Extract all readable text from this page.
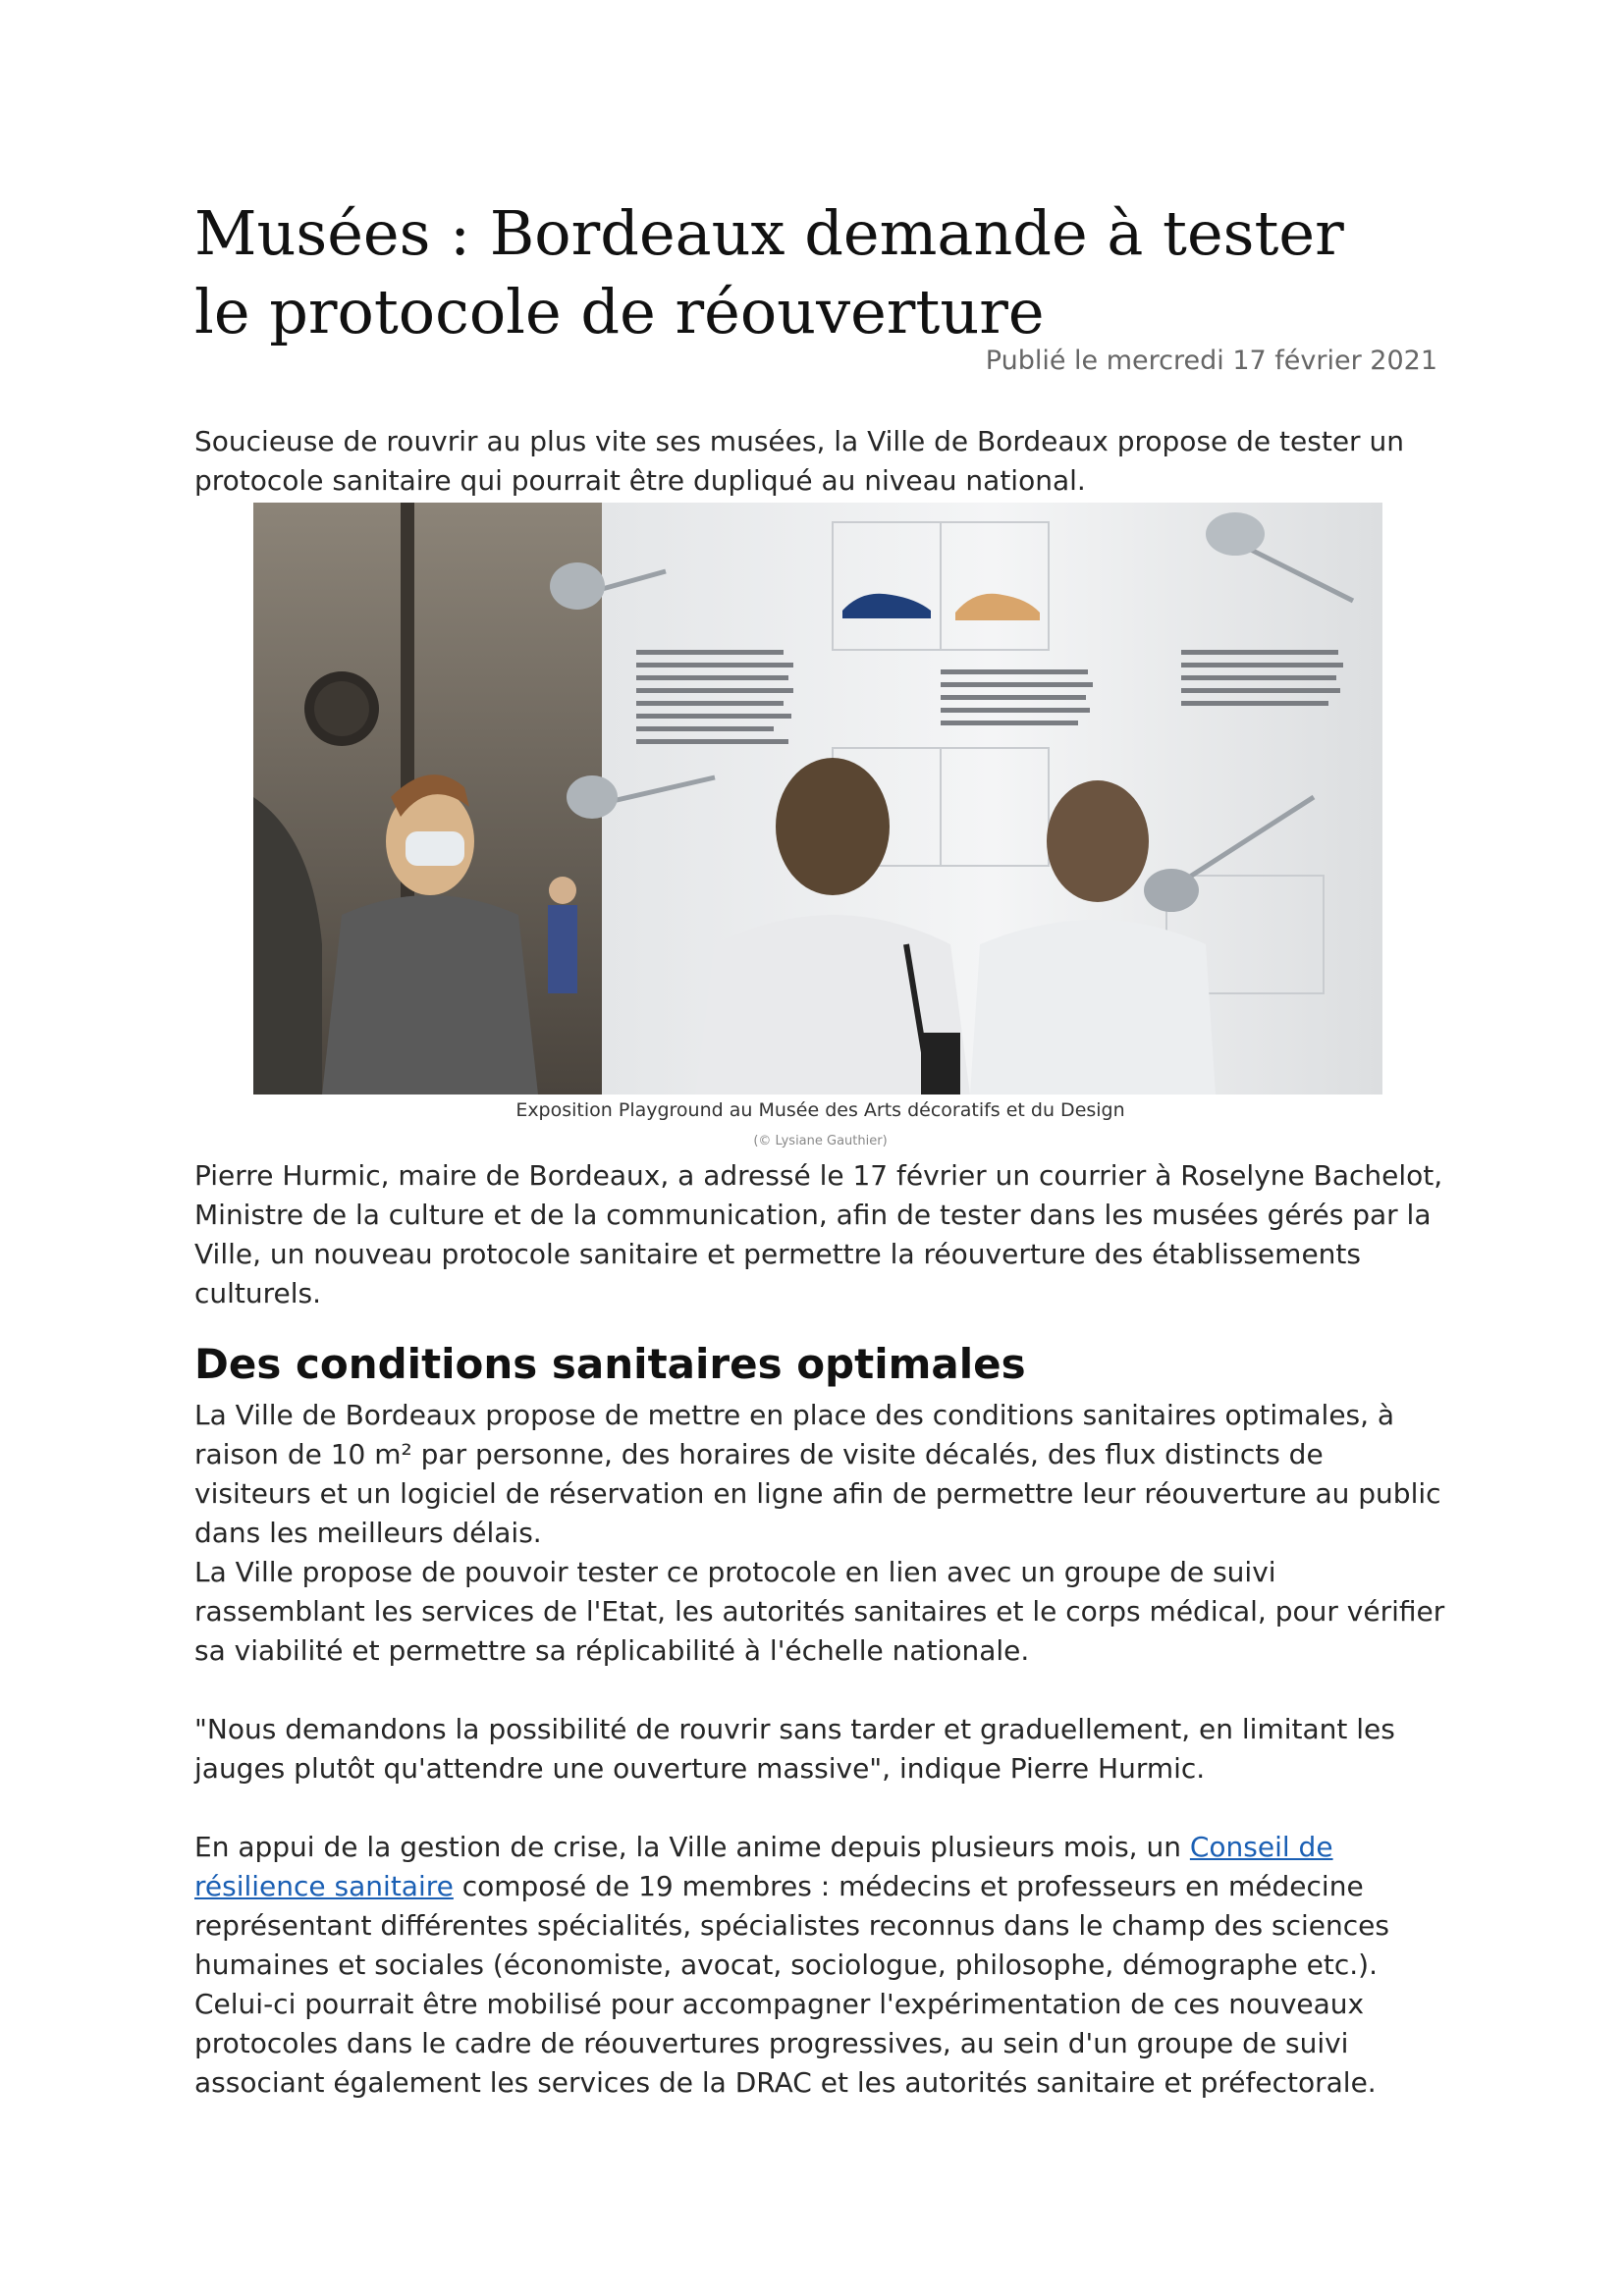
Musées : Bordeaux demande à tester le protocole de réouverture
Publié le mercredi 17 février 2021

Soucieuse de rouvrir au plus vite ses musées, la Ville de Bordeaux propose de tester un protocole sanitaire qui pourrait être dupliqué au niveau national.

Exposition Playground au Musée des Arts décoratifs et du Design
(© Lysiane Gauthier)

Pierre Hurmic, maire de Bordeaux, a adressé le 17 février un courrier à Roselyne Bachelot, Ministre de la culture et de la communication, afin de tester dans les musées gérés par la Ville, un nouveau protocole sanitaire et permettre la réouverture des établissements culturels.

Des conditions sanitaires optimales

La Ville de Bordeaux propose de mettre en place des conditions sanitaires optimales, à raison de 10 m² par personne, des horaires de visite décalés, des flux distincts de visiteurs et un logiciel de réservation en ligne afin de permettre leur réouverture au public dans les meilleurs délais.

La Ville propose de pouvoir tester ce protocole en lien avec un groupe de suivi rassemblant les services de l'Etat, les autorités sanitaires et le corps médical, pour vérifier sa viabilité et permettre sa réplicabilité à l'échelle nationale.

"Nous demandons la possibilité de rouvrir sans tarder et graduellement, en limitant les jauges plutôt qu'attendre une ouverture massive", indique Pierre Hurmic.

En appui de la gestion de crise, la Ville anime depuis plusieurs mois, un Conseil de résilience sanitaire composé de 19 membres : médecins et professeurs en médecine représentant différentes spécialités, spécialistes reconnus dans le champ des sciences humaines et sociales (économiste, avocat, sociologue, philosophe, démographe etc.). Celui-ci pourrait être mobilisé pour accompagner l'expérimentation de ces nouveaux protocoles dans le cadre de réouvertures progressives, au sein d'un groupe de suivi associant également les services de la DRAC et les autorités sanitaire et préfectorale.
